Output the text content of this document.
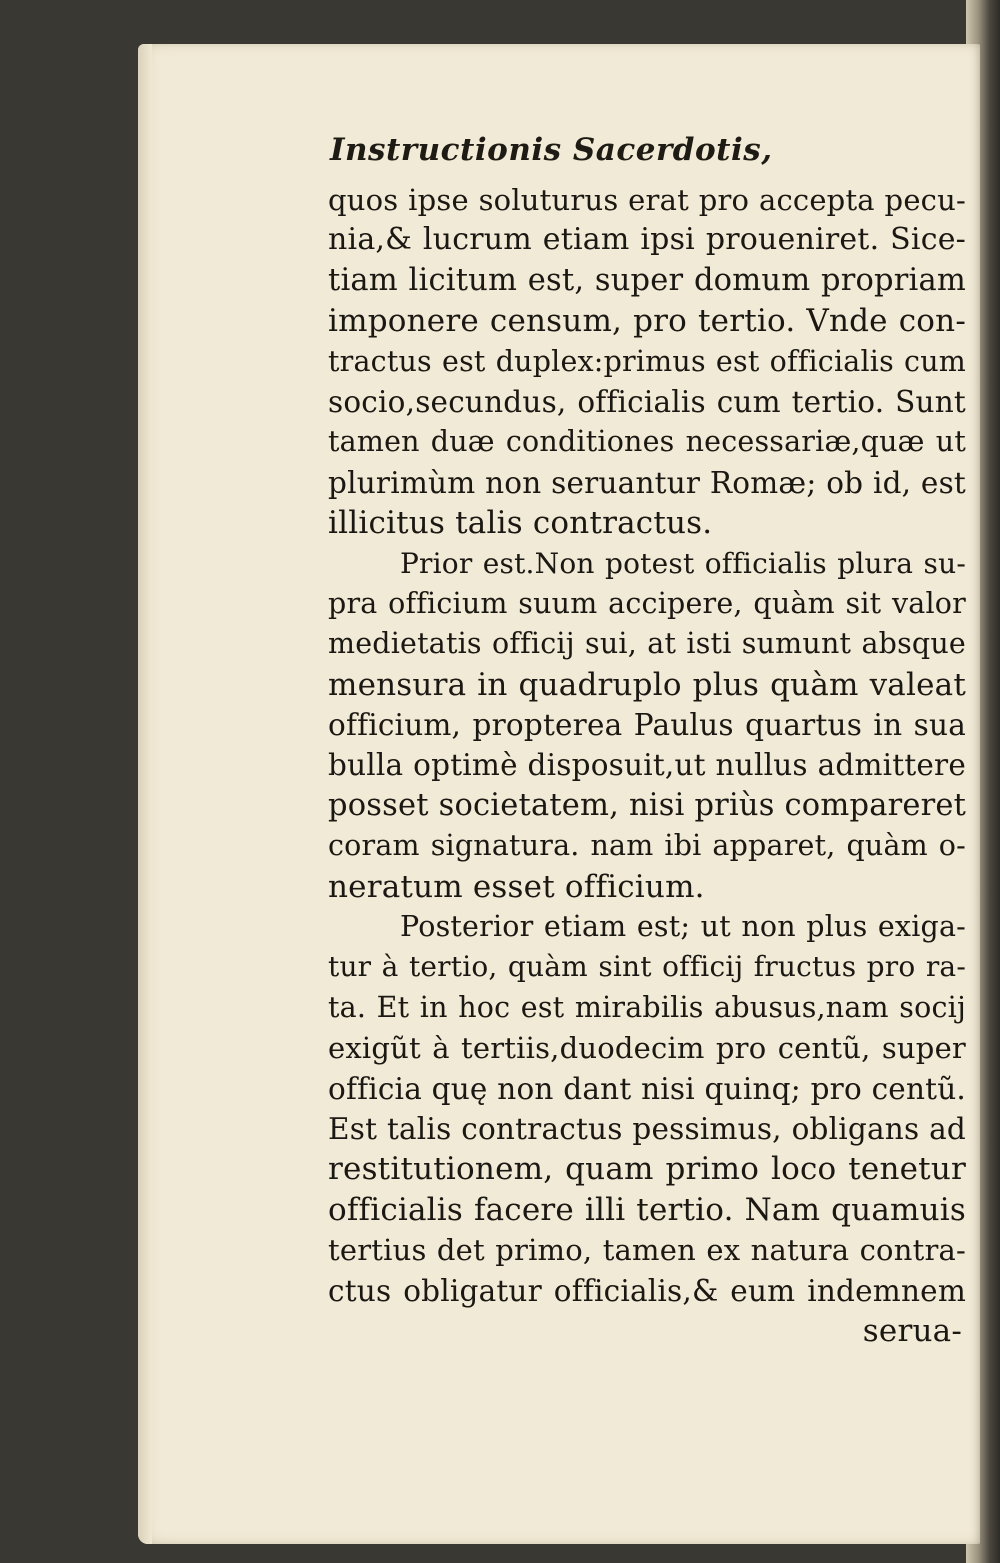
Instructionis Sacerdotis,
quos ipse soluturus erat pro accepta pecu-
nia,& lucrum etiam ipsi proueniret. Sice-
tiam licitum est, super domum propriam
imponere censum, pro tertio. Vnde con-
tractus est duplex:primus est officialis cum
socio,secundus, officialis cum tertio. Sunt
tamen duæ conditiones necessariæ,quæ ut
plurimùm non seruantur Romæ; ob id, est
illicitus talis contractus.
Prior est.Non potest officialis plura su-
pra officium suum accipere, quàm sit valor
medietatis officij sui, at isti sumunt absque
mensura in quadruplo plus quàm valeat
officium, propterea Paulus quartus in sua
bulla optimè disposuit,ut nullus admittere
posset societatem, nisi priùs compareret
coram signatura. nam ibi apparet, quàm o-
neratum esset officium.
Posterior etiam est; ut non plus exiga-
tur à tertio, quàm sint officij fructus pro ra-
ta. Et in hoc est mirabilis abusus,nam socij
exigũt à tertiis,duodecim pro centũ, super
officia quę non dant nisi quinq; pro centũ.
Est talis contractus pessimus, obligans ad
restitutionem, quam primo loco tenetur
officialis facere illi tertio. Nam quamuis
tertius det primo, tamen ex natura contra-
ctus obligatur officialis,& eum indemnem
serua-
